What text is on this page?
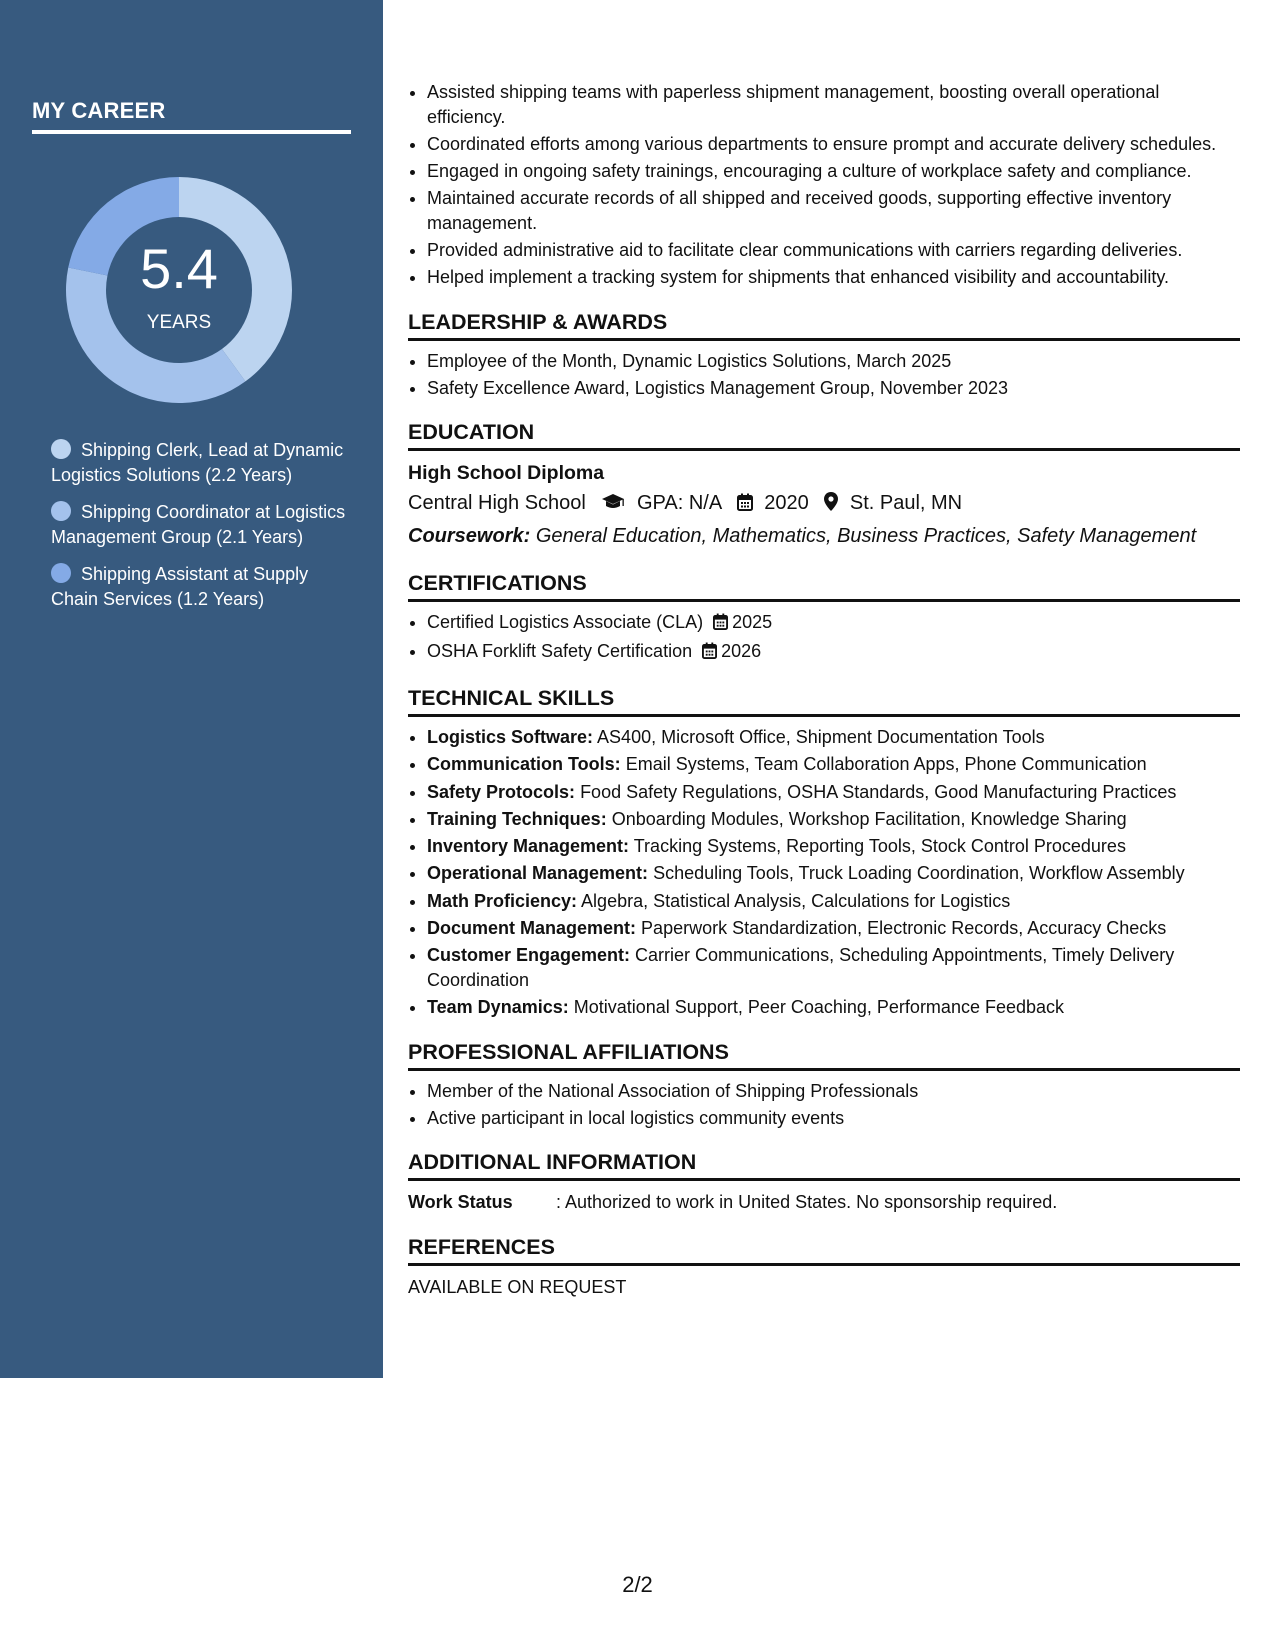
MY CAREER
5.4
YEARS
Shipping Clerk, Lead at Dynamic Logistics Solutions (2.2 Years)
Shipping Coordinator at Logistics Management Group (2.1 Years)
Shipping Assistant at Supply Chain Services (1.2 Years)
• Assisted shipping teams with paperless shipment management, boosting overall operational efficiency.
• Coordinated efforts among various departments to ensure prompt and accurate delivery schedules.
• Engaged in ongoing safety trainings, encouraging a culture of workplace safety and compliance.
• Maintained accurate records of all shipped and received goods, supporting effective inventory management.
• Provided administrative aid to facilitate clear communications with carriers regarding deliveries.
• Helped implement a tracking system for shipments that enhanced visibility and accountability.
LEADERSHIP & AWARDS
• Employee of the Month, Dynamic Logistics Solutions, March 2025
• Safety Excellence Award, Logistics Management Group, November 2023
EDUCATION
High School Diploma
Central High School	GPA: N/A 2020 St. Paul, MN
Coursework: General Education, Mathematics, Business Practices, Safety Management
CERTIFICATIONS
• Certified Logistics Associate (CLA) 2025
• OSHA Forklift Safety Certification 2026
TECHNICAL SKILLS
• Logistics Software: AS400, Microsoft Office, Shipment Documentation Tools
• Communication Tools: Email Systems, Team Collaboration Apps, Phone Communication
• Safety Protocols: Food Safety Regulations, OSHA Standards, Good Manufacturing Practices
• Training Techniques: Onboarding Modules, Workshop Facilitation, Knowledge Sharing
• Inventory Management: Tracking Systems, Reporting Tools, Stock Control Procedures
• Operational Management: Scheduling Tools, Truck Loading Coordination, Workflow Assembly
• Math Proficiency: Algebra, Statistical Analysis, Calculations for Logistics
• Document Management: Paperwork Standardization, Electronic Records, Accuracy Checks
• Customer Engagement: Carrier Communications, Scheduling Appointments, Timely Delivery Coordination
• Team Dynamics: Motivational Support, Peer Coaching, Performance Feedback
PROFESSIONAL AFFILIATIONS
• Member of the National Association of Shipping Professionals
• Active participant in local logistics community events
ADDITIONAL INFORMATION
Work Status : Authorized to work in United States. No sponsorship required.
REFERENCES
AVAILABLE ON REQUEST
2/2
